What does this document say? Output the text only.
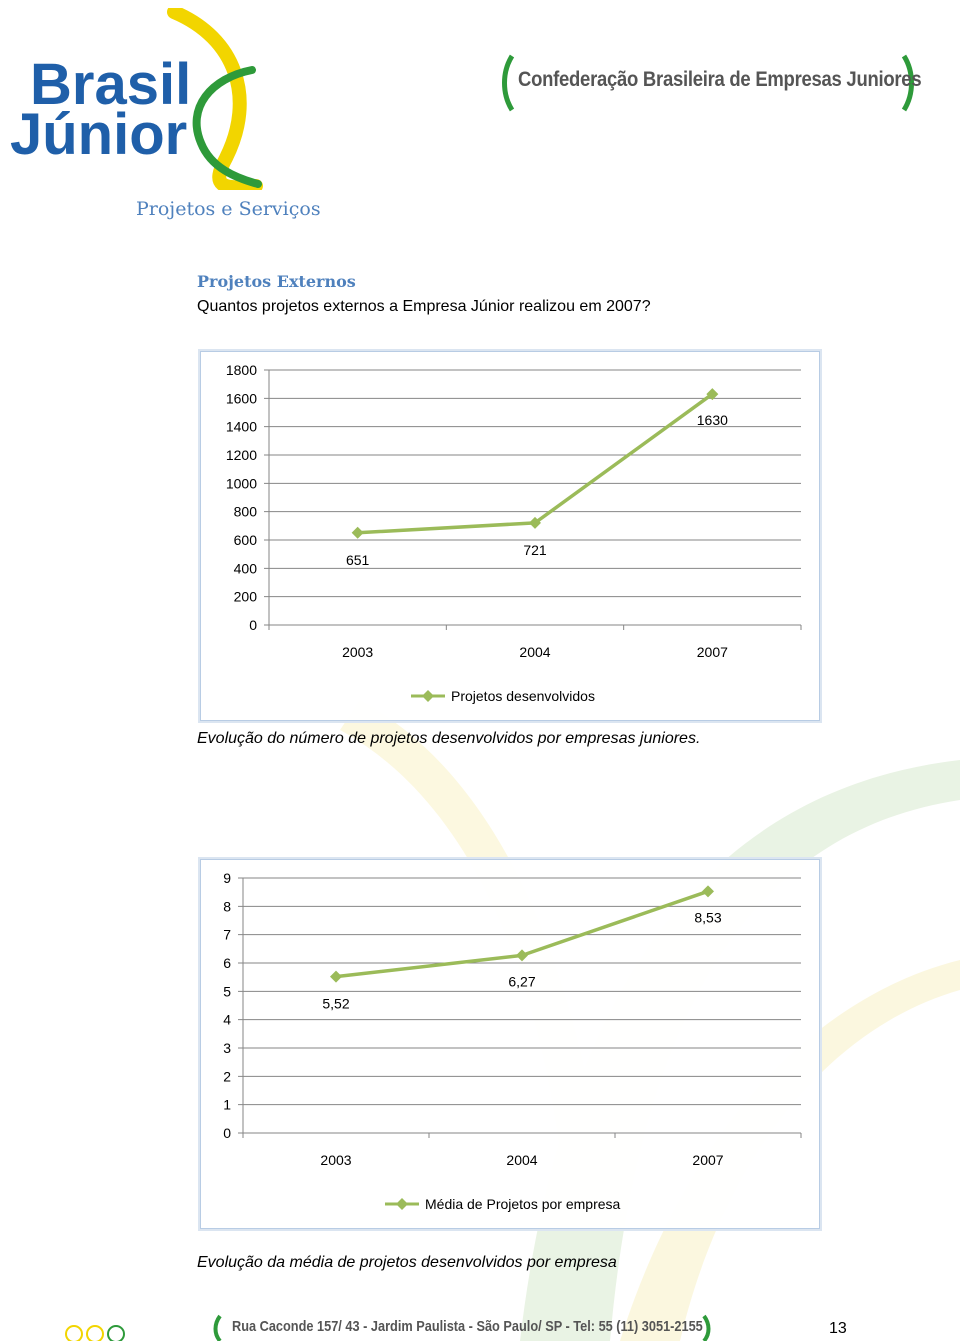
Brasil
Júnior
Confederação Brasileira de Empresas Juniores
Projetos e Serviços
Projetos Externos
Quantos projetos externos a Empresa Júnior realizou em 2007?
0
200
400
600
800
1000
1200
1400
1600
1800
2003	2004	2007
651
721
1630
Projetos desenvolvidos
Evolução do número de projetos desenvolvidos por empresas juniores.
0
1
2
3
4
5
6
7
8
9
2003	2004	2007
5,52
6,27
8,53
Média de Projetos por empresa
Evolução da média de projetos desenvolvidos por empresa
Rua Caconde 157/ 43 - Jardim Paulista - São Paulo/ SP - Tel: 55 (11) 3051-2155	13
